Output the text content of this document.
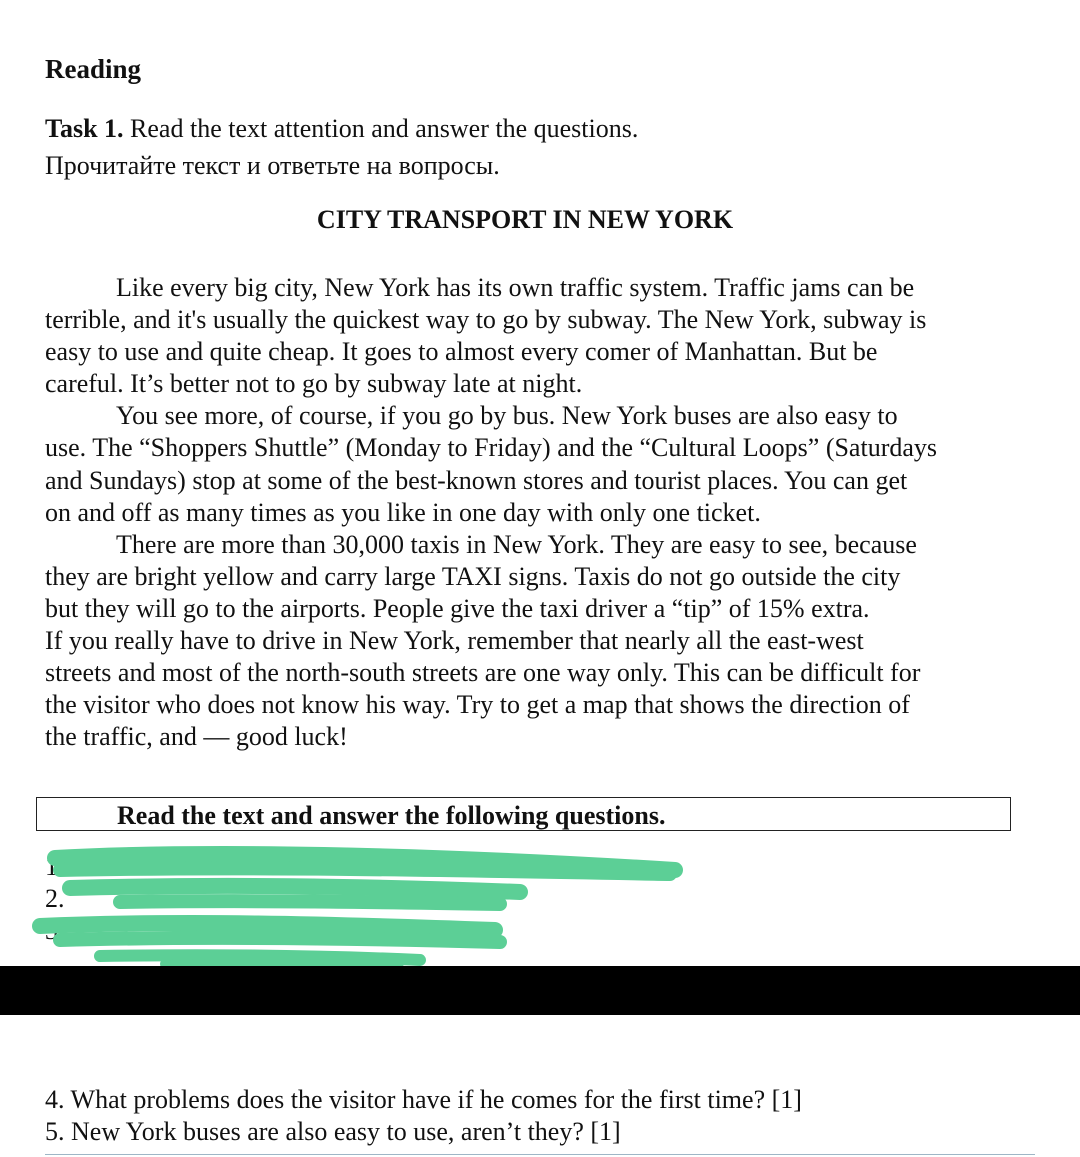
Reading
Task 1. Read the text attention and answer the questions.
Прочитайте текст и ответьте на вопросы.
CITY TRANSPORT IN NEW YORK
Like every big city, New York has its own traffic system. Traffic jams can be
terrible, and it's usually the quickest way to go by subway. The New York, subway is
easy to use and quite cheap. It goes to almost every comer of Manhattan. But be
careful. It’s better not to go by subway late at night.
You see more, of course, if you go by bus. New York buses are also easy to
use. The “Shoppers Shuttle” (Monday to Friday) and the “Cultural Loops” (Saturdays
and Sundays) stop at some of the best-known stores and tourist places. You can get
on and off as many times as you like in one day with only one ticket.
There are more than 30,000 taxis in New York. They are easy to see, because
they are bright yellow and carry large TAXI signs. Taxis do not go outside the city
but they will go to the airports. People give the taxi driver a “tip” of 15% extra.
If you really have to drive in New York, remember that nearly all the east-west
streets and most of the north-south streets are one way only. This can be difficult for
the visitor who does not know his way. Try to get a map that shows the direction of
the traffic, and — good luck!
Read the text and answer the following questions.
1.
2.
3.
4. What problems does the visitor have if he comes for the first time? [1]
5. New York buses are also easy to use, aren’t they? [1]
